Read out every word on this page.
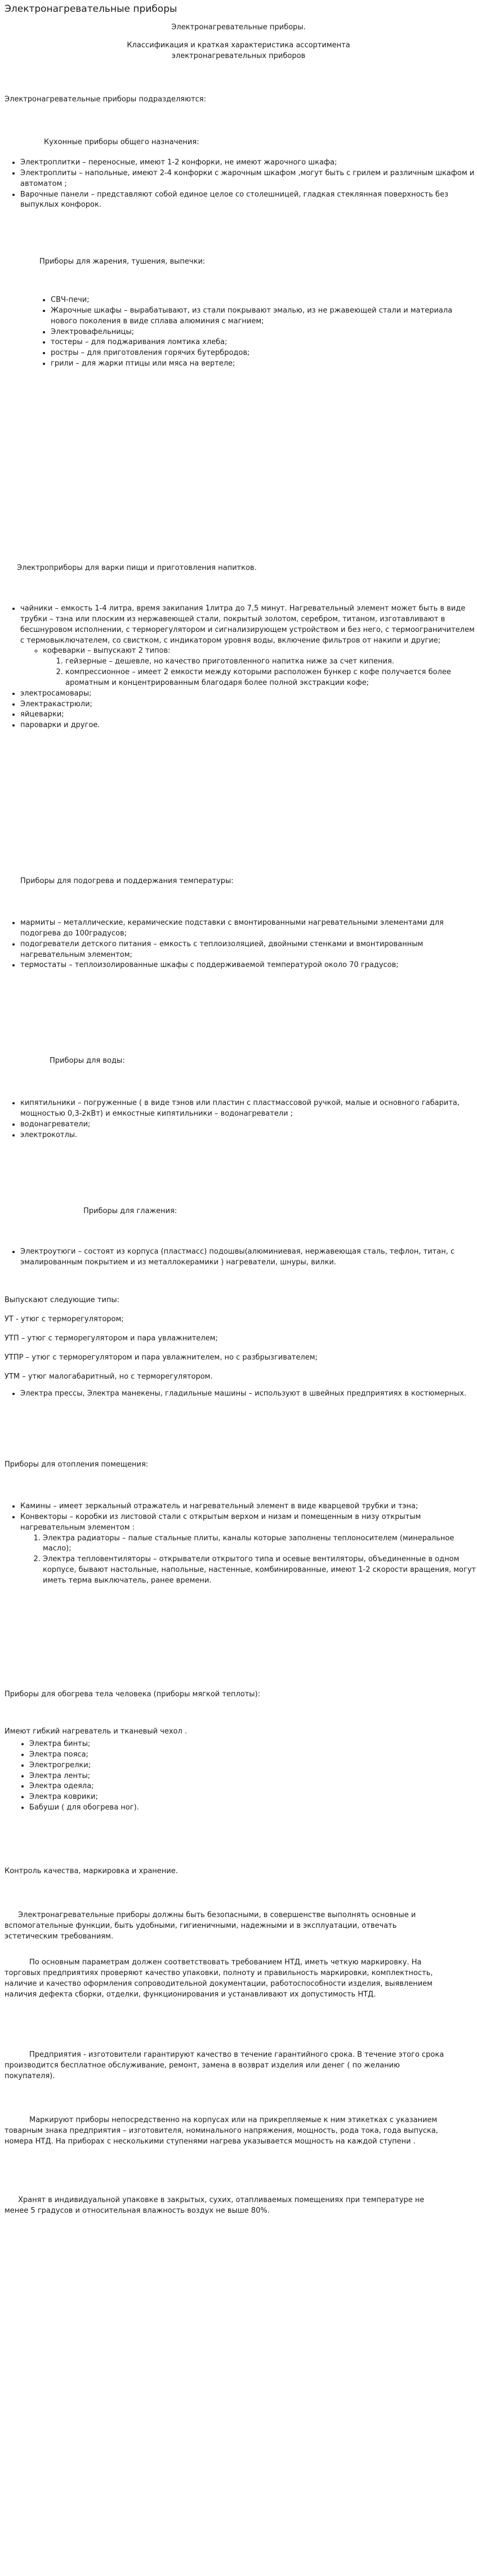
Электронагревательные приборы

Электронагревательные приборы.

Классификация и краткая характеристика ассортимента электронагревательных приборов

Электронагревательные приборы подразделяются:

Кухонные приборы общего назначения:

• Электроплитки – переносные, имеют 1-2 конфорки, не имеют жарочного шкафа;
• Электроплиты – напольные, имеют 2-4 конфорки с жарочным шкафом ,могут быть с грилем и различным шкафом и автоматом ;
• Варочные панели – представляют собой единое целое со столешницей, гладкая стеклянная поверхность без выпуклых конфорок.

Приборы для жарения, тушения, выпечки:

• СВЧ-печи;
• Жарочные шкафы – вырабатывают, из стали покрывают эмалью, из не ржавеющей стали и материала нового поколения в виде сплава алюминия с магнием;
• Электровафельницы;
• тостеры – для поджаривания ломтика хлеба;
• ростры – для приготовления горячих бутербродов;
• грили – для жарки птицы или мяса на вертеле;

Электроприборы для варки пищи и приготовления напитков.

• чайники – емкость 1-4 литра, время закипания 1литра до 7,5 минут. Нагревательный элемент может быть в виде трубки – тэна или плоским из нержавеющей стали, покрытый золотом, серебром, титаном, изготавливают в бесшнуровом исполнении, с терморегулятором и сигнализирующем устройством и без него, с термоограничителем с термовыключателем, со свистком, с индикатором уровня воды, включение фильтров от накипи и другие;
◦ кофеварки – выпускают 2 типов:
1. гейзерные – дешевле, но качество приготовленного напитка ниже за счет кипения.
2. компрессионное – имеет 2 емкости между которыми расположен бункер с кофе получается более ароматным и концентрированным благодаря более полной экстракции кофе;
• электросамовары;
• Электракастрюли;
• яйцеварки;
• пароварки и другое.

Приборы для подогрева и поддержания температуры:

• мармиты – металлические, керамические подставки с вмонтированными нагревательными элементами для подогрева до 100градусов;
• подогреватели детского питания – емкость с теплоизоляцией, двойными стенками и вмонтированным нагревательным элементом;
• термостаты – теплоизолированные шкафы с поддерживаемой температурой около 70 градусов;

Приборы для воды:

• кипятильники – погруженные ( в виде тэнов или пластин с пластмассовой ручкой, малые и основного габарита, мощностью 0,3-2кВт) и емкостные кипятильники – водонагреватели ;
• водонагреватели;
• электрокотлы.

Приборы для глажения:

• Электроутюги – состоят из корпуса (пластмасс) подошвы(алюминиевая, нержавеющая сталь, тефлон, титан, с эмалированным покрытием и из металлокерамики ) нагреватели, шнуры, вилки.

Выпускают следующие типы:

УТ - утюг с терморегулятором;

УТП – утюг с терморегулятором и пара увлажнителем;

УТПР – утюг с терморегулятором и пара увлажнителем, но с разбрызгивателем;

УТМ – утюг малогабаритный, но с терморегулятором.

• Электра прессы, Электра манекены, гладильные машины – используют в швейных предприятиях в костюмерных.

Приборы для отопления помещения:

• Камины – имеет зеркальный отражатель и нагревательный элемент в виде кварцевой трубки и тэна;
• Конвекторы – коробки из листовой стали с открытым верхом и низам и помещенным в низу открытым нагревательным элементом :
1. Электра радиаторы – палые стальные плиты, каналы которые заполнены теплоносителем (минеральное масло);
2. Электра тепловентиляторы – открыватели открытого типа и осевые вентиляторы, объединенные в одном корпусе, бывают настольные, напольные, настенные, комбинированные, имеют 1-2 скорости вращения, могут иметь терма выключатель, ранее времени.

Приборы для обогрева тела человека (приборы мягкой теплоты):

Имеют гибкий нагреватель и тканевый чехол .

• Электра бинты;
• Электра пояса;
• Электрогрелки;
• Электра ленты;
• Электра одеяла;
• Электра коврики;
• Бабуши ( для обогрева ног).

Контроль качества, маркировка и хранение.

Электронагревательные приборы должны быть безопасными, в совершенстве выполнять основные и вспомогательные функции, быть удобными, гигиеничными, надежными и в эксплуатации, отвечать эстетическим требованиям.

По основным параметрам должен соответствовать требованием НТД, иметь четкую маркировку. На торговых предприятиях проверяют качество упаковки, полноту и правильность маркировки, комплектность, наличие и качество оформления сопроводительной документации, работоспособности изделия, выявлением наличия дефекта сборки, отделки, функционирования и устанавливают их допустимость НТД.

Предприятия - изготовители гарантируют качество в течение гарантийного срока. В течение этого срока производится бесплатное обслуживание, ремонт, замена в возврат изделия или денег ( по желанию покупателя).

Маркируют приборы непосредственно на корпусах или на прикрепляемые к ним этикетках с указанием товарным знака предприятия – изготовителя, номинального напряжения, мощность, рода тока, года выпуска, номера НТД. На приборах с несколькими ступенями нагрева указывается мощность на каждой ступени .

Хранят в индивидуальной упаковке в закрытых, сухих, отапливаемых помещениях при температуре не менее 5 градусов и относительная влажность воздух не выше 80%.
